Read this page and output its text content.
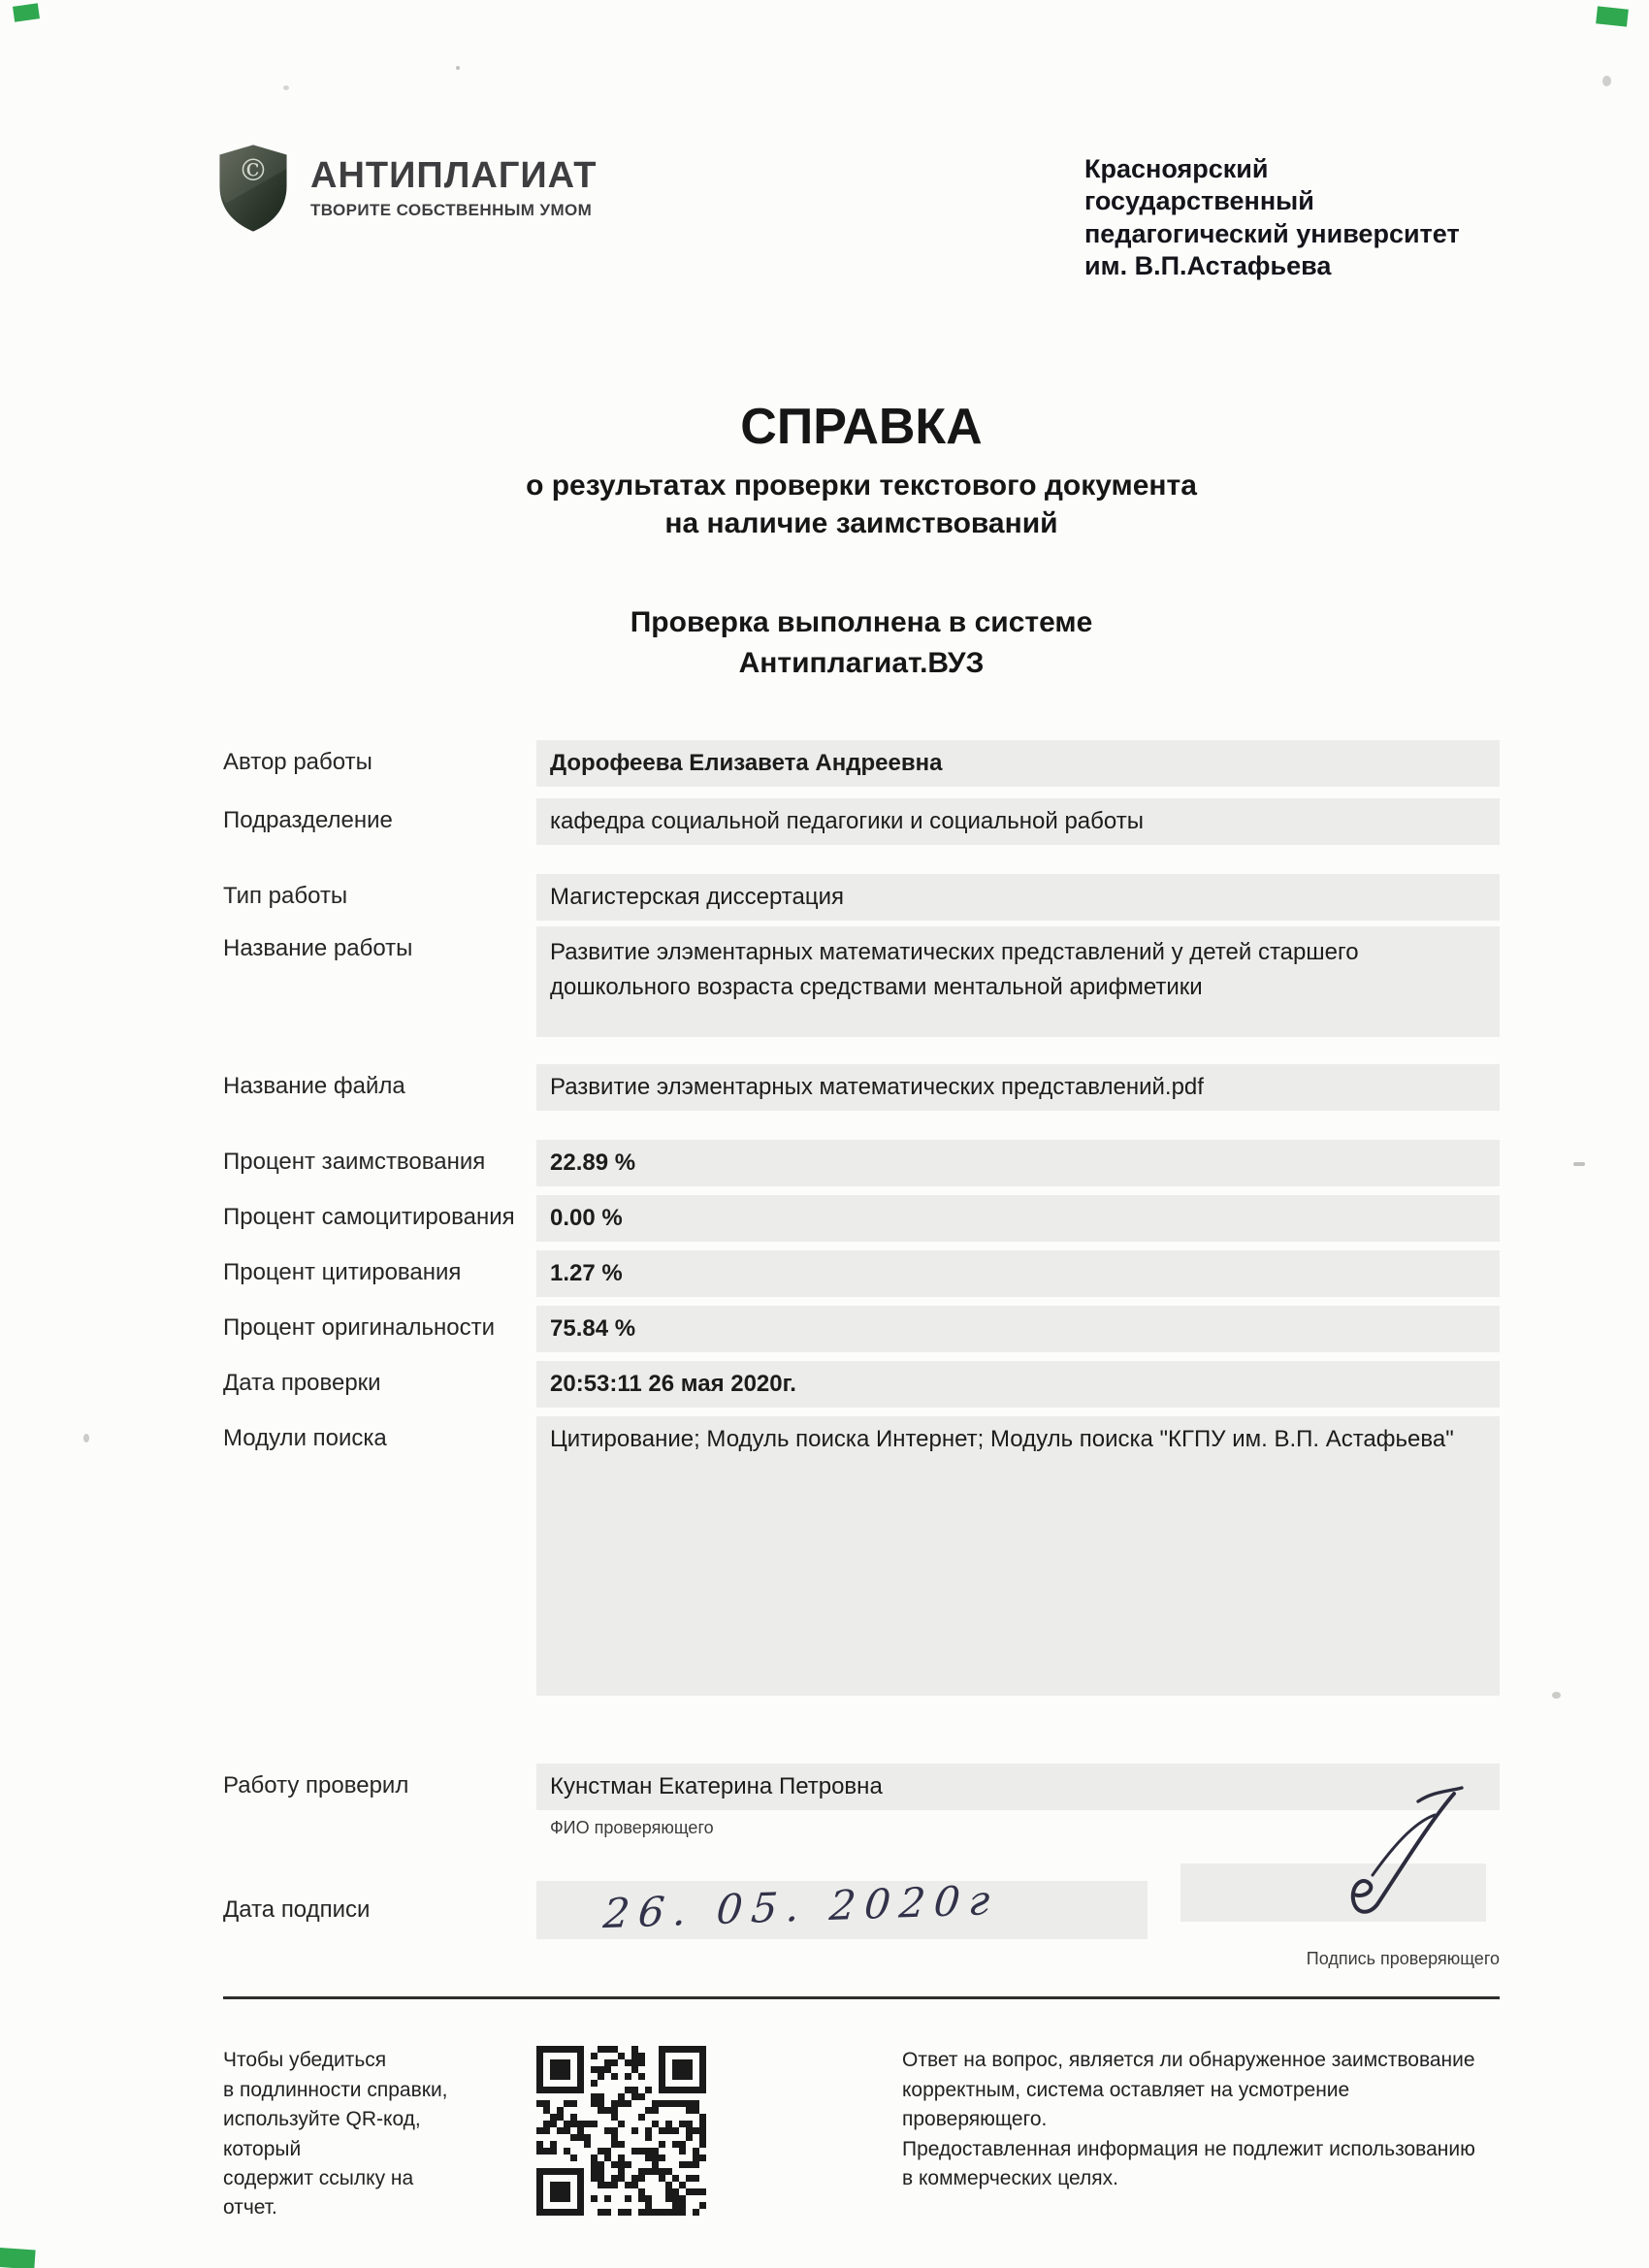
© АНТИПЛАГИАТ
ТВОРИТЕ СОБСТВЕННЫМ УМОМ
Красноярский
государственный
педагогический университет
им. В.П.Астафьева
СПРАВКА
о результатах проверки текстового документа
на наличие заимствований
Проверка выполнена в системе
Антиплагиат.ВУЗ
Автор работы	Дорофеева Елизавета Андреевна
Подразделение	кафедра социальной педагогики и социальной работы
Тип работы	Магистерская диссертация
Название работы	Развитие элэментарных математических представлений у детей старшего дошкольного возраста средствами ментальной арифметики
Название файла	Развитие элэментарных математических представлений.pdf
Процент заимствования	22.89 %
Процент самоцитирования	0.00 %
Процент цитирования	1.27 %
Процент оригинальности	75.84 %
Дата проверки	20:53:11 26 мая 2020г.
Модули поиска	Цитирование; Модуль поиска Интернет; Модуль поиска "КГПУ им. В.П. Астафьева"
Работу проверил	Кунстман Екатерина Петровна
ФИО проверяющего
Дата подписи	26. 05. 2020г
Подпись проверяющего
Чтобы убедиться
в подлинности справки,
используйте QR-код, который
содержит ссылку на отчет.
Ответ на вопрос, является ли обнаруженное заимствование
корректным, система оставляет на усмотрение проверяющего.
Предоставленная информация не подлежит использованию
в коммерческих целях.
